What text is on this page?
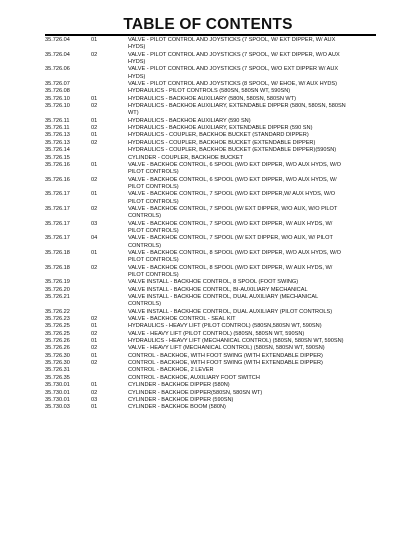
TABLE OF CONTENTS
35.726.04	01	VALVE - PILOT CONTROL AND JOYSTICKS (7 SPOOL, W/ EXT DIPPER, W/ AUX
HYDS)
35.726.04	02	VALVE - PILOT CONTROL AND JOYSTICKS (7 SPOOL, W/ EXT DIPPER, W/O AUX
HYDS)
35.726.06	VALVE - PILOT CONTROL AND JOYSTICKS (7 SPOOL, W/O EXT DIPPER W/ AUX
HYDS)
35.726.07	VALVE - PILOT CONTROL AND JOYSTICKS (8 SPOOL, W/ EHOE, W/ AUX HYDS)
35.726.08	HYDRAULICS - PILOT CONTROLS (580SN, 580SN WT, 590SN)
35.726.10	01	HYDRAULICS - BACKHOE AUXILIARY (580N, 580SN, 580SN WT)
35.726.10	02	HYDRAULICS - BACKHOE AUXILIARY, EXTENDABLE DIPPER (580N, 580SN, 580SN
WT)
35.726.11	01	HYDRAULICS - BACKHOE AUXILIARY (590 SN)
35.726.11	02	HYDRAULICS - BACKHOE AUXILIARY, EXTENDABLE DIPPER (590 SN)
35.726.13	01	HYDRAULICS - COUPLER, BACKHOE BUCKET (STANDARD DIPPER)
35.726.13	02	HYDRAULICS - COUPLER, BACKHOE BUCKET (EXTENDABLE DIPPER)
35.726.14	HYDRAULICS - COUPLER, BACKHOE BUCKET (EXTENDABLE DIPPER)(590SN)
35.726.15	CYLINDER - COUPLER, BACKHOE BUCKET
35.726.16	01	VALVE - BACKHOE CONTROL, 6 SPOOL (W/O EXT DIPPER, W/O AUX HYDS, W/O
PILOT CONTROLS)
35.726.16	02	VALVE - BACKHOE CONTROL, 6 SPOOL (W/O EXT DIPPER, W/O AUX HYDS, W/
PILOT CONTROLS)
35.726.17	01	VALVE - BACKHOE CONTROL, 7 SPOOL (W/O EXT DIPPER,W/ AUX HYDS, W/O
PILOT CONTROLS)
35.726.17	02	VALVE - BACKHOE CONTROL, 7 SPOOL (W/ EXT DIPPER, W/O AUX, W/O PILOT
CONTROLS)
35.726.17	03	VALVE - BACKHOE CONTROL, 7 SPOOL (W/O EXT DIPPER, W/ AUX HYDS, W/
PILOT CONTROLS)
35.726.17	04	VALVE - BACKHOE CONTROL, 7 SPOOL (W/ EXT DIPPER, W/O AUX, W/ PILOT
CONTROLS)
35.726.18	01	VALVE - BACKHOE CONTROL, 8 SPOOL (W/O EXT DIPPER, W/O AUX HYDS, W/O
PILOT CONTROLS)
35.726.18	02	VALVE - BACKHOE CONTROL, 8 SPOOL (W/O EXT DIPPER, W/ AUX HYDS, W/
PILOT CONTROLS)
35.726.19	VALVE INSTALL - BACKHOE CONTROL, 8 SPOOL (FOOT SWING)
35.726.20	VALVE INSTALL - BACKHOE CONTROL, BI-AUXILIARY MECHANICAL
35.726.21	VALVE INSTALL - BACKHOE CONTROL, DUAL AUXILIARY (MECHANICAL
CONTROLS)
35.726.22	VALVE INSTALL - BACKHOE CONTROL, DUAL AUXILIARY (PILOT CONTROLS)
35.726.23	02	VALVE - BACKHOE CONTROL - SEAL KIT
35.726.25	01	HYDRAULICS - HEAVY LIFT (PILOT CONTROL) (580SN,580SN WT, 590SN)
35.726.25	02	VALVE - HEAVY LIFT (PILOT CONTROL) (580SN, 580SN WT, 590SN)
35.726.26	01	HYDRAULICS - HEAVY LIFT (MECHANICAL CONTROL) (580SN, 580SN WT, 590SN)
35.726.26	02	VALVE - HEAVY LIFT (MECHANICAL CONTROL) (580SN, 580SN WT, 590SN)
35.726.30	01	CONTROL - BACKHOE, WITH FOOT SWING (WITH EXTENDABLE DIPPER)
35.726.30	02	CONTROL - BACKHOE, WITH FOOT SWING (WITH EXTENDABLE DIPPER)
35.726.31	CONTROL - BACKHOE, 2 LEVER
35.726.35	CONTROL - BACKHOE, AUXILIARY FOOT SWITCH
35.730.01	01	CYLINDER - BACKHOE DIPPER (580N)
35.730.01	02	CYLINDER - BACKHOE DIPPER(580SN, 580SN WT)
35.730.01	03	CYLINDER - BACKHOE DIPPER (590SN)
35.730.03	01	CYLINDER - BACKHOE BOOM (580N)
